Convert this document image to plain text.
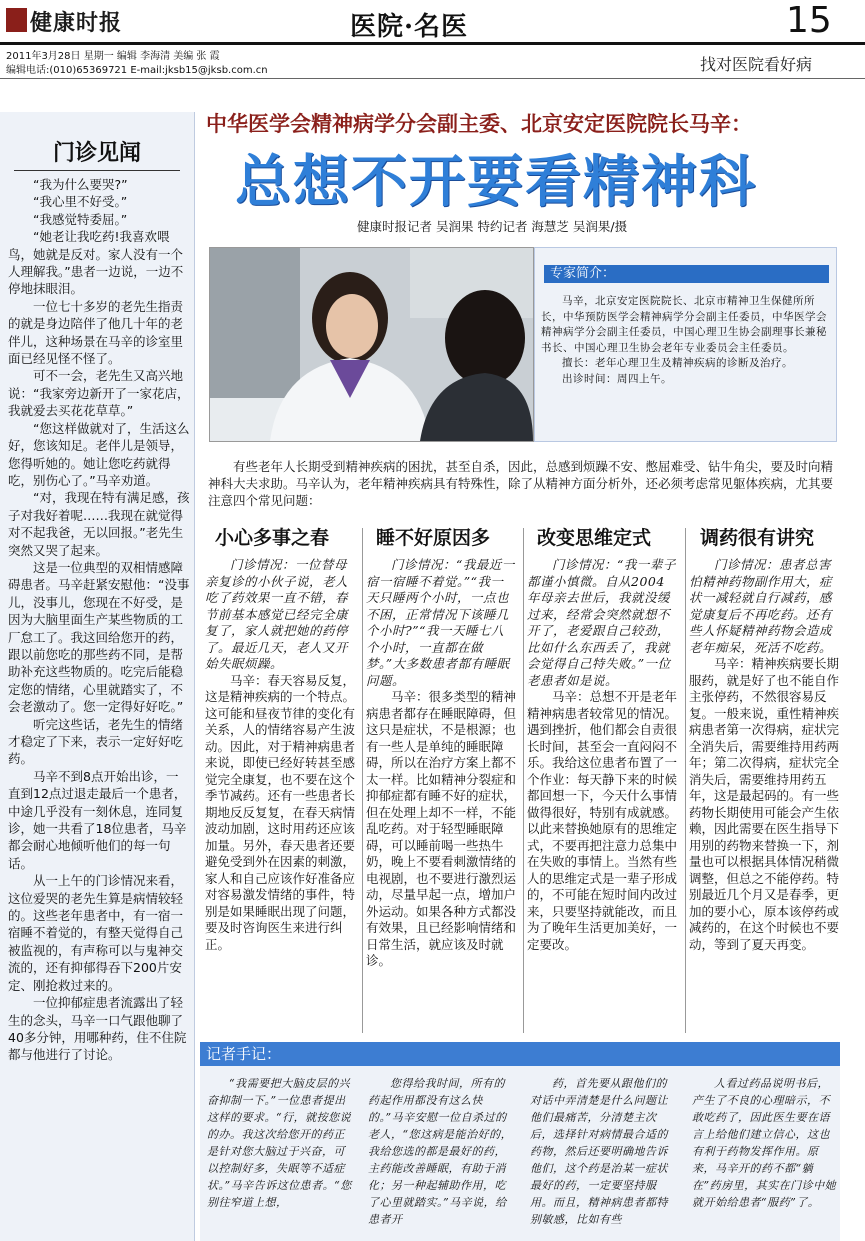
健康时报	医院·名医	15
2011年3月28日 星期一 编辑 李海清 美编 张 霞
编辑电话:(010)65369721 E-mail:jksb15@jksb.com.cn	找对医院看好病
门诊见闻

“我为什么要哭?”

“我心里不好受。”

“我感觉特委屈。”

“她老让我吃药!我喜欢喂鸟，她就是反对。家人没有一个人理解我。”患者一边说，一边不停地抹眼泪。

一位七十多岁的老先生指责的就是身边陪伴了他几十年的老伴儿，这种场景在马辛的诊室里面已经见怪不怪了。

可不一会，老先生又高兴地说：“我家旁边新开了一家花店，我就爱去买花花草草。”

“您这样做就对了，生活这么好，您该知足。老伴儿是领导，您得听她的。她让您吃药就得吃，别伤心了。”马辛劝道。

“对，我现在特有满足感，孩子对我好着呢……我现在就觉得对不起我爸，无以回报。”老先生突然又哭了起来。

这是一位典型的双相情感障碍患者。马辛赶紧安慰他：“没事儿，没事儿，您现在不好受，是因为大脑里面生产某些物质的工厂怠工了。我这回给您开的药，跟以前您吃的那些药不同，是帮助补充这些物质的。吃完后能稳定您的情绪，心里就踏实了，不会老激动了。您一定得好好吃。”

听完这些话，老先生的情绪才稳定了下来，表示一定好好吃药。

马辛不到8点开始出诊，一直到12点过退走最后一个患者，中途几乎没有一刻休息，连同复诊，她一共看了18位患者，马辛都会耐心地倾听他们的每一句话。

从一上午的门诊情况来看，这位爱哭的老先生算是病情较轻的。这些老年患者中，有一宿一宿睡不着觉的，有整天觉得自己被监视的，有声称可以与鬼神交流的，还有抑郁得吞下200片安定、刚抢救过来的。

一位抑郁症患者流露出了轻生的念头，马辛一口气跟他聊了40多分钟，用哪种药，住不住院都与他进行了讨论。

中华医学会精神病学分会副主委、北京安定医院院长马辛：
总想不开要看精神科
健康时报记者 吴润果 特约记者 海慧芝 吴润果/摄
专家简介：

马辛，北京安定医院院长、北京市精神卫生保健所所长，中华预防医学会精神病学分会副主任委员，中华医学会精神病学分会副主任委员，中国心理卫生协会副理事长兼秘书长、中国心理卫生协会老年专业委员会主任委员。

擅长：老年心理卫生及精神疾病的诊断及治疗。

出诊时间：周四上午。

有些老年人长期受到精神疾病的困扰，甚至自杀，因此，总感到烦躁不安、憋屈难受、钻牛角尖，要及时向精神科大夫求助。马辛认为，老年精神疾病具有特殊性，除了从精神方面分析外，还必须考虑常见躯体疾病，尤其要注意四个常见问题：
小心多事之春 睡不好原因多 改变思维定式	调药很有讲究

门诊情况：一位替母亲复诊的小伙子说，老人吃了药效果一直不错，春节前基本感觉已经完全康复了，家人就把她的药停了。最近几天，老人又开始失眠烦躁。

马辛：春天容易反复，这是精神疾病的一个特点。这可能和昼夜节律的变化有关系，人的情绪容易产生波动。因此，对于精神病患者来说，即使已经好转甚至感觉完全康复，也不要在这个季节减药。还有一些患者长期地反反复复，在春天病情波动加剧，这时用药还应该加量。另外，春天患者还要避免受到外在因素的刺激，家人和自己应该作好准备应对容易激发情绪的事件，特别是如果睡眠出现了问题，要及时咨询医生来进行纠正。

门诊情况：“我最近一宿一宿睡不着觉。”“我一天只睡两个小时，一点也不困，正常情况下该睡几个小时?”“我一天睡七八个小时，一直都在做梦。”大多数患者都有睡眠问题。

马辛：很多类型的精神病患者都存在睡眠障碍，但这只是症状，不是根源；也有一些人是单纯的睡眠障碍，所以在治疗方案上都不太一样。比如精神分裂症和抑郁症都有睡不好的症状，但在处理上却不一样，不能乱吃药。对于轻型睡眠障碍，可以睡前喝一些热牛奶，晚上不要看刺激情绪的电视剧，也不要进行激烈运动，尽量早起一点，增加户外运动。如果各种方式都没有效果，且已经影响情绪和日常生活，就应该及时就诊。

门诊情况：“我一辈子都谨小慎微。自从2004年母亲去世后，我就没缓过来，经常会突然就想不开了，老爱跟自己较劲，比如什么东西丢了，我就会觉得自己特失败。”一位老患者如是说。

马辛：总想不开是老年精神病患者较常见的情况。遇到挫折，他们都会自责很长时间，甚至会一直闷闷不乐。我给这位患者布置了一个作业：每天静下来的时候都回想一下，今天什么事情做得很好，特别有成就感。以此来替换她原有的思维定式，不要再把注意力总集中在失败的事情上。当然有些人的思维定式是一辈子形成的，不可能在短时间内改过来，只要坚持就能改，而且为了晚年生活更加美好，一定要改。

门诊情况：患者总害怕精神药物副作用大，症状一减轻就自行减药，感觉康复后不再吃药。还有些人怀疑精神药物会造成老年痴呆，死活不吃药。

马辛：精神疾病要长期服药，就是好了也不能自作主张停药，不然很容易反复。一般来说，重性精神疾病患者第一次得病，症状完全消失后，需要维持用药两年；第二次得病，症状完全消失后，需要维持用药五年，这是最起码的。有一些药物长期使用可能会产生依赖，因此需要在医生指导下用别的药物来替换一下，剂量也可以根据具体情况稍微调整，但总之不能停药。特别最近几个月又是春季，更加的要小心，原本该停药或减药的，在这个时候也不要动，等到了夏天再变。

记者手记：

“我需要把大脑皮层的兴奋抑制一下。”一位患者提出这样的要求。“行，就按您说的办。我这次给您开的药正是针对您大脑过于兴奋，可以控制好多，失眠等不适症状。”马辛告诉这位患者。“您别往窄道上想，

您得给我时间，所有的药起作用都没有这么快的。”马辛安慰一位自杀过的老人，“您这病是能治好的，我给您选的都是最好的药，主药能改善睡眠，有助于消化；另一种起辅助作用，吃了心里就踏实。”马辛说，给患者开

药，首先要从跟他们的对话中弄清楚是什么问题让他们最痛苦，分清楚主次后，选择针对病情最合适的药物，然后还要明确地告诉他们，这个药是治某一症状最好的药，一定要坚持服用。而且，精神病患者都特别敏感，比如有些

人看过药品说明书后，产生了不良的心理暗示，不敢吃药了，因此医生要在语言上给他们建立信心，这也有利于药物发挥作用。原来，马辛开的药不都“躺在”药房里，其实在门诊中她就开始给患者“服药”了。
